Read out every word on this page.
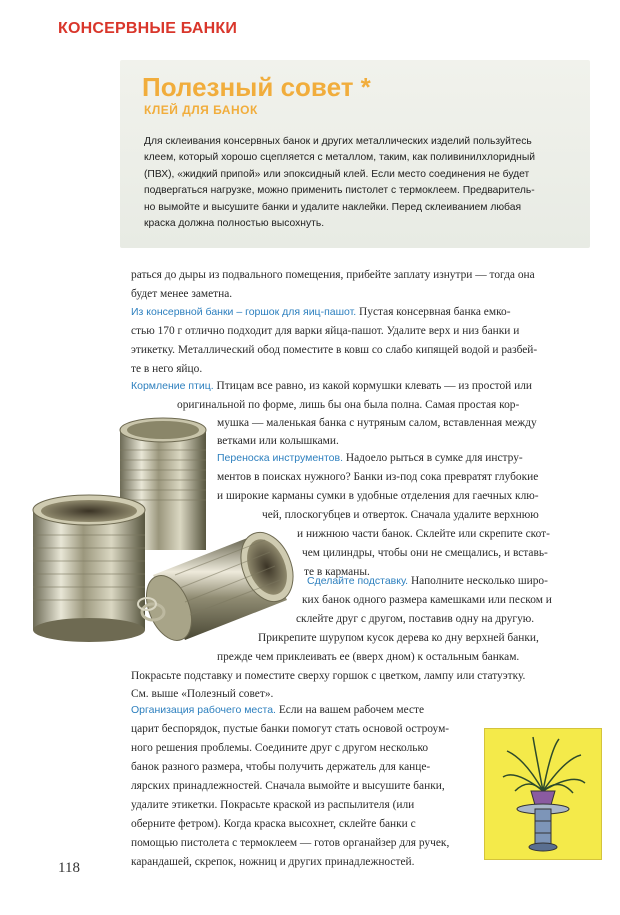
КОНСЕРВНЫЕ БАНКИ
Полезный совет *
КЛЕЙ ДЛЯ БАНОК
Для склеивания консервных банок и других металлических изделий пользуйтесь
клеем, который хорошо сцепляется с металлом, таким, как поливинилхлоридный
(ПВХ), «жидкий припой» или эпоксидный клей. Если место соединения не будет
подвергаться нагрузке, можно применить пистолет с термоклеем. Предваритель-
но вымойте и высушите банки и удалите наклейки. Перед склеиванием любая
краска должна полностью высохнуть.
раться до дыры из подвального помещения, прибейте заплату изнутри — тогда она
будет менее заметна.
Из консервной банки – горшок для яиц-пашот. Пустая консервная банка емко-
стью 170 г отлично подходит для варки яйца-пашот. Удалите верх и низ банки и
этикетку. Металлический обод поместите в ковш со слабо кипящей водой и разбей-
те в него яйцо.
Кормление птиц. Птицам все равно, из какой кормушки клевать — из простой или
оригинальной по форме, лишь бы она была полна. Самая простая кор-
мушка — маленькая банка с нутряным салом, вставленная между
ветками или колышками.
Переноска инструментов. Надоело рыться в сумке для инстру-
ментов в поисках нужного? Банки из-под сока превратят глубокие
и широкие карманы сумки в удобные отделения для гаечных клю-
чей, плоскогубцев и отверток. Сначала удалите верхнюю
и нижнюю части банок. Склейте или скрепите скот-
чем цилиндры, чтобы они не смещались, и вставь-
те в карманы.
Сделайте подставку. Наполните несколько широ-
ких банок одного размера камешками или песком и
склейте друг с другом, поставив одну на другую.
Прикрепите шурупом кусок дерева ко дну верхней банки,
прежде чем приклеивать ее (вверх дном) к остальным банкам.
Покрасьте подставку и поместите сверху горшок с цветком, лампу или статуэтку.
См. выше «Полезный совет».
Организация рабочего места. Если на вашем рабочем месте
царит беспорядок, пустые банки помогут стать основой остроум-
ного решения проблемы. Соедините друг с другом несколько
банок разного размера, чтобы получить держатель для канце-
лярских принадлежностей. Сначала вымойте и высушите банки,
удалите этикетки. Покрасьте краской из распылителя (или
оберните фетром). Когда краска высохнет, склейте банки с
помощью пистолета с термоклеем — готов органайзер для ручек,
карандашей, скрепок, ножниц и других принадлежностей.
118
